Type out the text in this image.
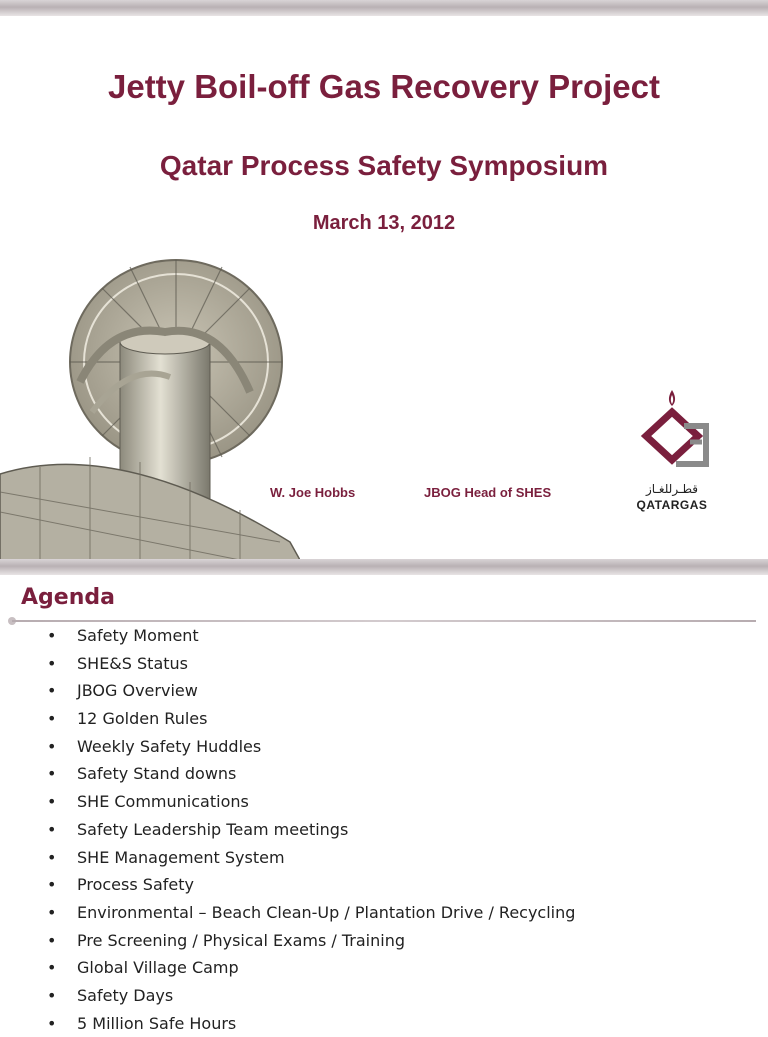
Jetty Boil-off Gas Recovery Project
Qatar Process Safety Symposium
March 13, 2012
W. Joe Hobbs	JBOG Head of SHES	قطـرللغـاز
QATARGAS
Agenda
• Safety Moment
• SHE&S Status
• JBOG Overview
• 12 Golden Rules
• Weekly Safety Huddles
• Safety Stand downs
• SHE Communications
• Safety Leadership Team meetings
• SHE Management System
• Process Safety
• Environmental – Beach Clean-Up / Plantation Drive / Recycling
• Pre Screening / Physical Exams / Training
• Global Village Camp
• Safety Days
• 5 Million Safe Hours
